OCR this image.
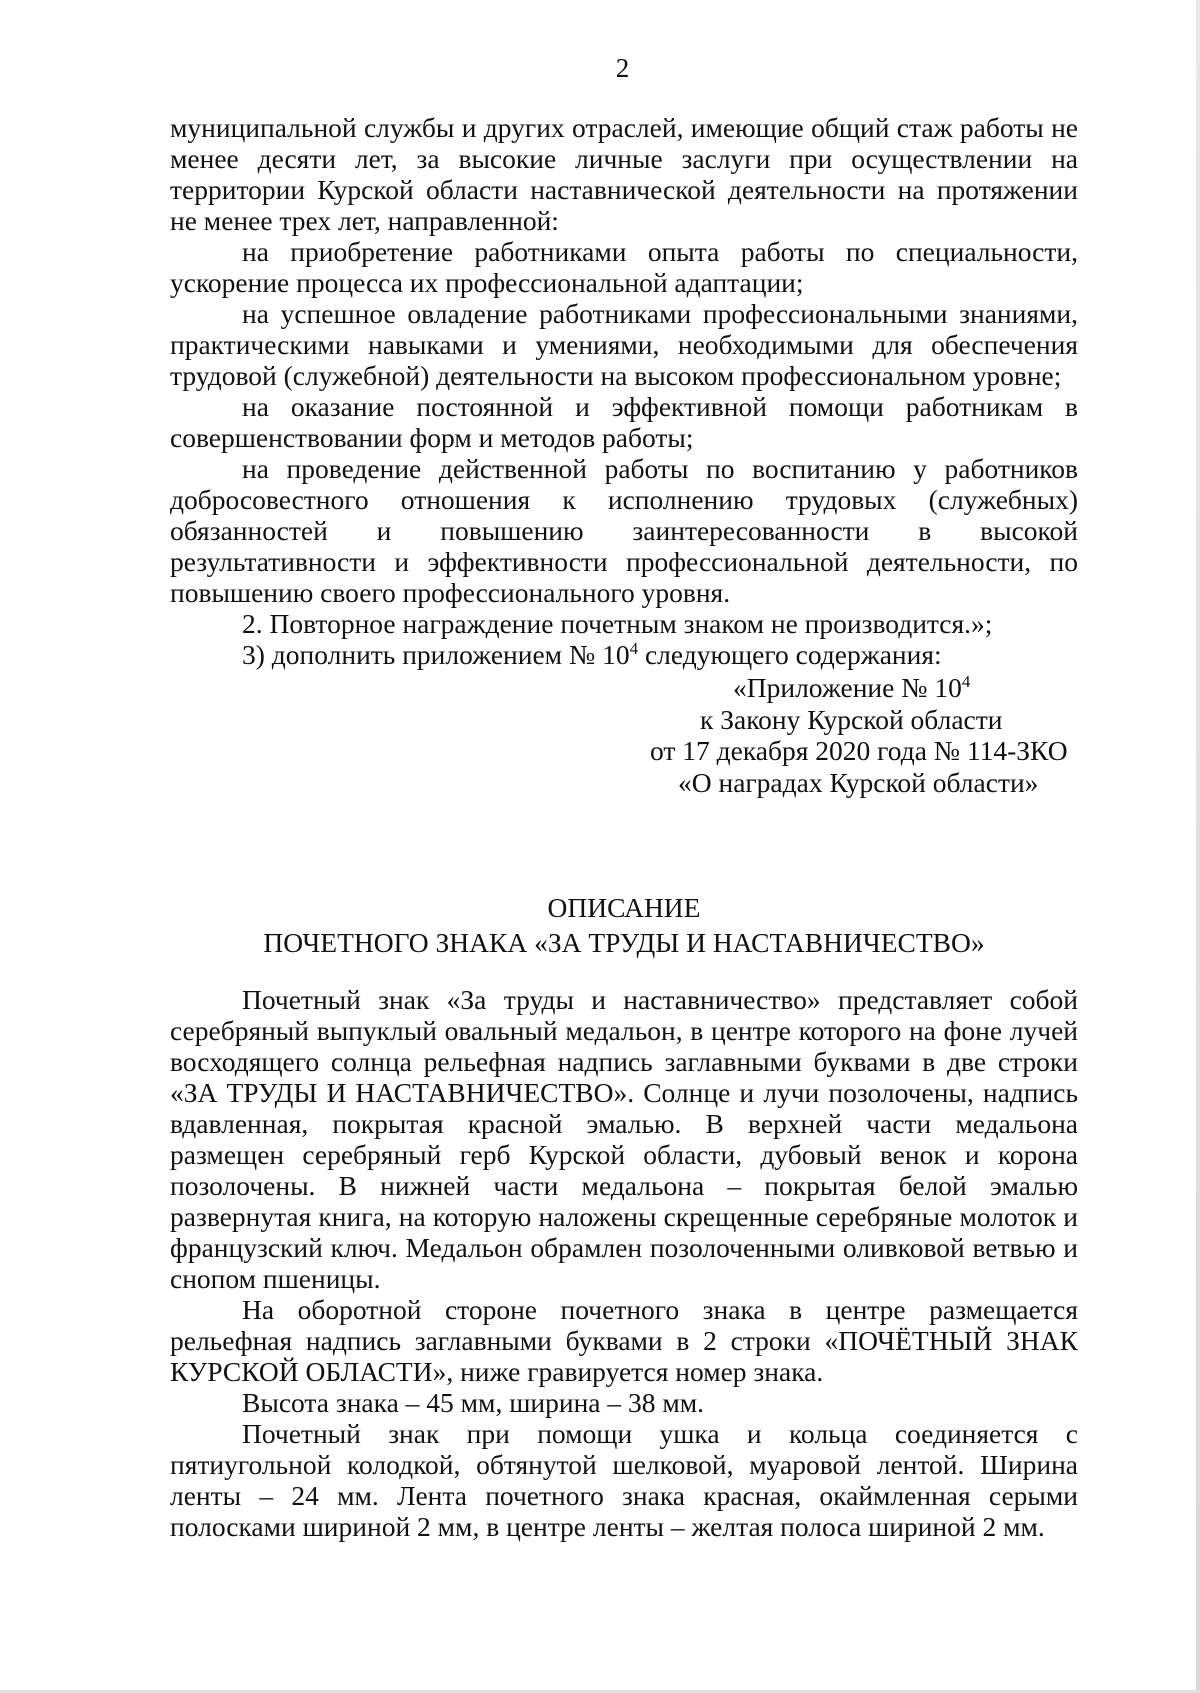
2

муниципальной службы и других отраслей, имеющие общий стаж работы не менее десяти лет, за высокие личные заслуги при осуществлении на территории Курской области наставнической деятельности на протяжении не менее трех лет, направленной:

на приобретение работниками опыта работы по специальности, ускорение процесса их профессиональной адаптации;

на успешное овладение работниками профессиональными знаниями, практическими навыками и умениями, необходимыми для обеспечения трудовой (служебной) деятельности на высоком профессиональном уровне;

на оказание постоянной и эффективной помощи работникам в совершенствовании форм и методов работы;

на проведение действенной работы по воспитанию у работников добросовестного отношения к исполнению трудовых (служебных) обязанностей и повышению заинтересованности в высокой результативности и эффективности профессиональной деятельности, по повышению своего профессионального уровня.

2. Повторное награждение почетным знаком не производится.»;

3) дополнить приложением № $10^4$ следующего содержания:

«Приложение № $10^4$
к Закону Курской области
от 17 декабря 2020 года № 114-ЗКО
«О наградах Курской области»
ОПИСАНИЕ
ПОЧЕТНОГО ЗНАКА «ЗА ТРУДЫ И НАСТАВНИЧЕСТВО»

Почетный знак «За труды и наставничество» представляет собой серебряный выпуклый овальный медальон, в центре которого на фоне лучей восходящего солнца рельефная надпись заглавными буквами в две строки «ЗА ТРУДЫ И НАСТАВНИЧЕСТВО». Солнце и лучи позолочены, надпись вдавленная, покрытая красной эмалью. В верхней части медальона размещен серебряный герб Курской области, дубовый венок и корона позолочены. В нижней части медальона – покрытая белой эмалью развернутая книга, на которую наложены скрещенные серебряные молоток и французский ключ. Медальон обрамлен позолоченными оливковой ветвью и снопом пшеницы.

На оборотной стороне почетного знака в центре размещается рельефная надпись заглавными буквами в 2 строки «ПОЧЁТНЫЙ ЗНАК КУРСКОЙ ОБЛАСТИ», ниже гравируется номер знака.

Высота знака – 45 мм, ширина – 38 мм.

Почетный знак при помощи ушка и кольца соединяется с пятиугольной колодкой, обтянутой шелковой, муаровой лентой. Ширина ленты – 24 мм. Лента почетного знака красная, окаймленная серыми полосками шириной 2 мм, в центре ленты – желтая полоса шириной 2 мм.
